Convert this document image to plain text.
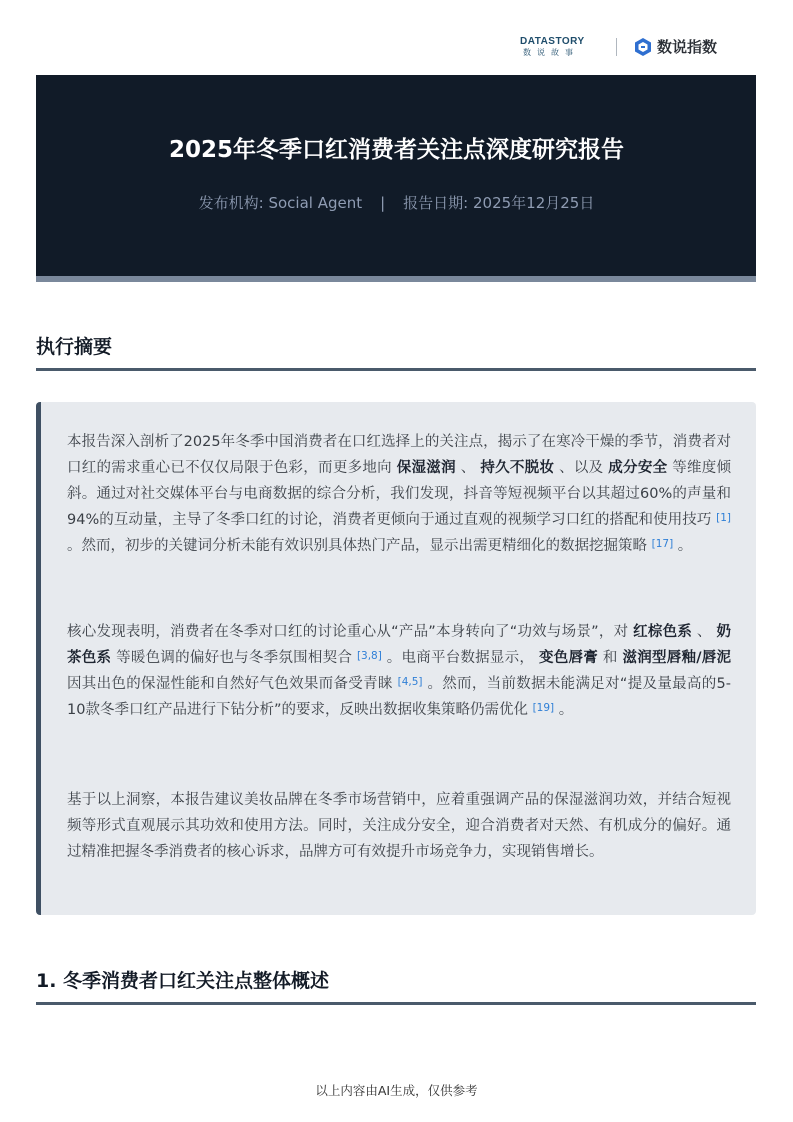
DATASTORY
数说故事	数说指数
2025年冬季口红消费者关注点深度研究报告
发布机构: Social Agent | 报告日期: 2025年12月25日
执行摘要

本报告深入剖析了2025年冬季中国消费者在口红选择上的关注点，揭示了在寒冷干燥的季节，消费者对口红的需求重心已不仅仅局限于色彩，而更多地向 保湿滋润 、 持久不脱妆 、以及 成分安全 等维度倾斜。通过对社交媒体平台与电商数据的综合分析，我们发现，抖音等短视频平台以其超过60%的声量和94%的互动量，主导了冬季口红的讨论，消费者更倾向于通过直观的视频学习口红的搭配和使用技巧 [1] 。然而，初步的关键词分析未能有效识别具体热门产品，显示出需更精细化的数据挖掘策略 [17] 。

核心发现表明，消费者在冬季对口红的讨论重心从“产品”本身转向了“功效与场景”，对 红棕色系 、 奶茶色系 等暖色调的偏好也与冬季氛围相契合 [3,8] 。电商平台数据显示， 变色唇膏 和 滋润型唇釉/唇泥 因其出色的保湿性能和自然好气色效果而备受青睐 [4,5] 。然而，当前数据未能满足对“提及量最高的5-10款冬季口红产品进行下钻分析”的要求，反映出数据收集策略仍需优化 [19] 。

基于以上洞察，本报告建议美妆品牌在冬季市场营销中，应着重强调产品的保湿滋润功效，并结合短视频等形式直观展示其功效和使用方法。同时，关注成分安全，迎合消费者对天然、有机成分的偏好。通过精准把握冬季消费者的核心诉求，品牌方可有效提升市场竞争力，实现销售增长。

1. 冬季消费者口红关注点整体概述
以上内容由AI生成，仅供参考
